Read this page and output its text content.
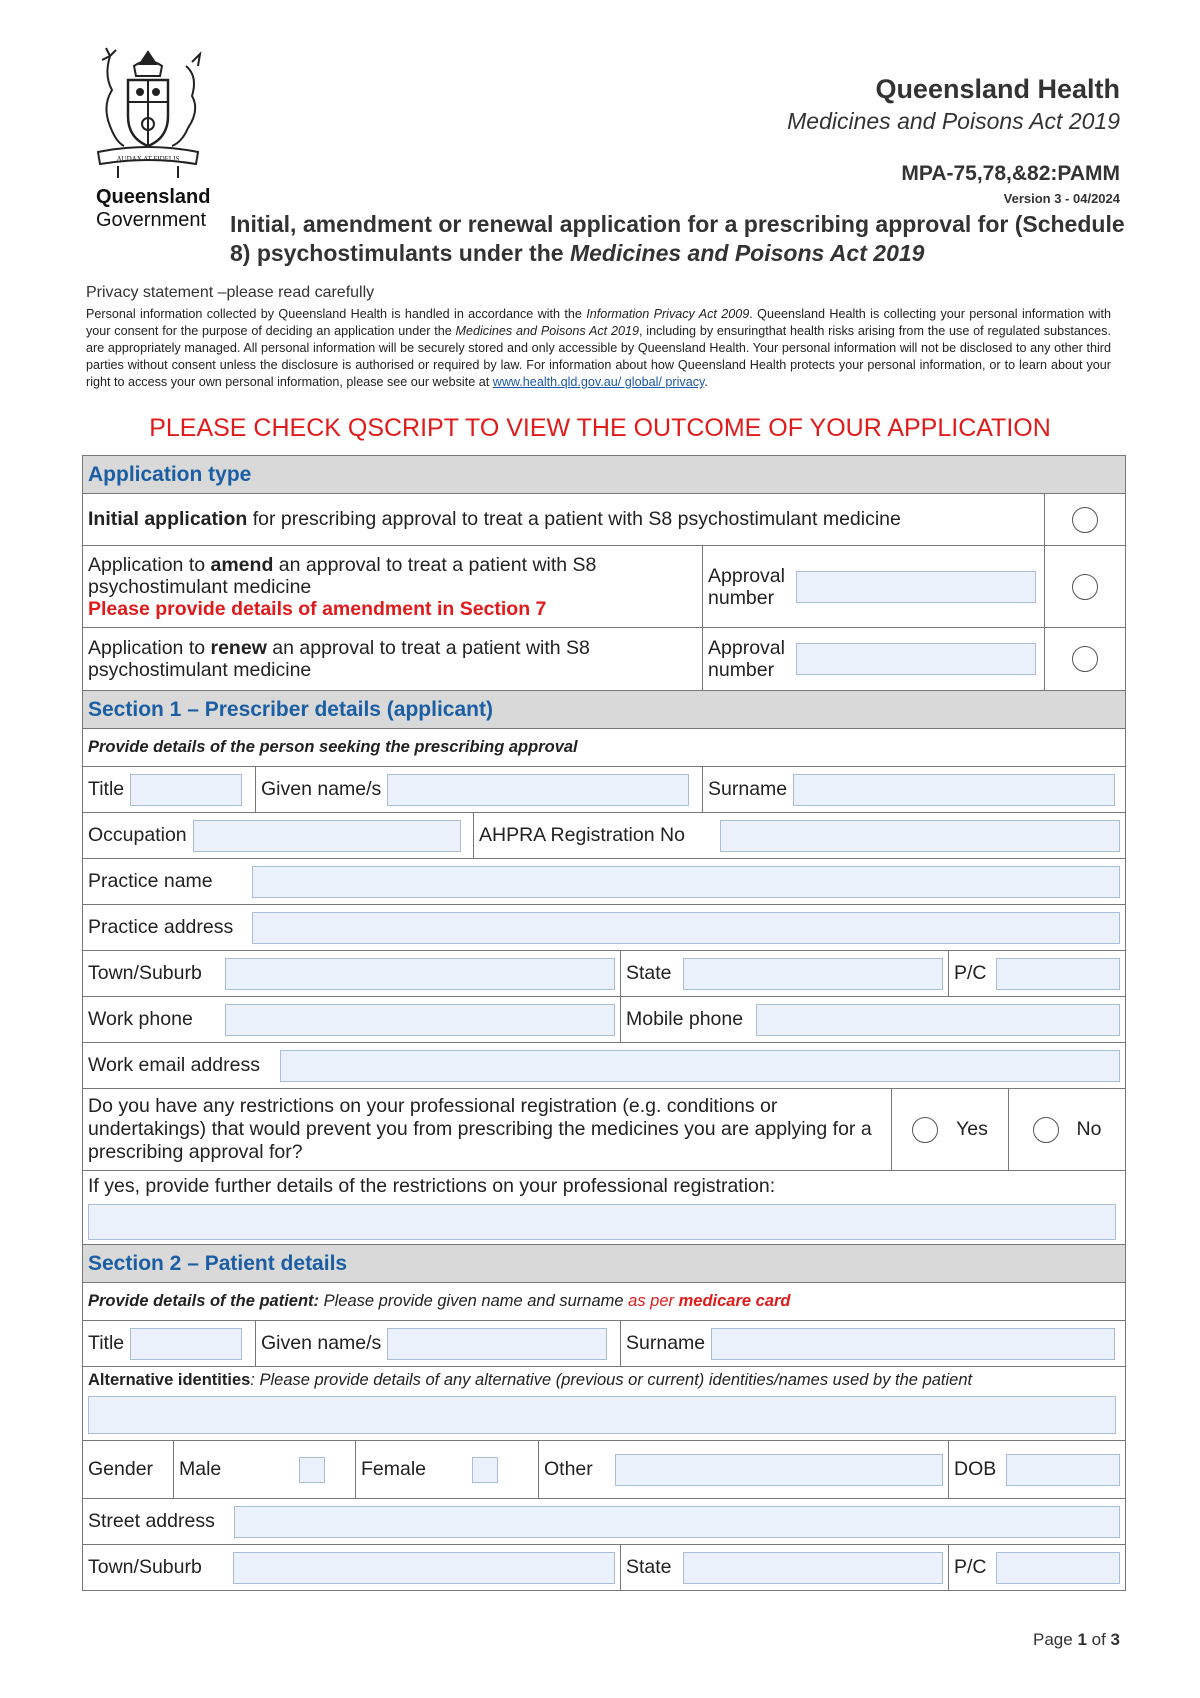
AUDAX AT FIDELIS
Queensland
Government
Queensland Health
Medicines and Poisons Act 2019
MPA-75,78,&82:PAMM
Version 3 - 04/2024
Initial, amendment or renewal application for a prescribing approval for (Schedule 8) psychostimulants under the Medicines and Poisons Act 2019
Privacy statement –please read carefully
Personal information collected by Queensland Health is handled in accordance with the Information Privacy Act 2009. Queensland Health is collecting your personal information with your consent for the purpose of deciding an application under the Medicines and Poisons Act 2019, including by ensuringthat health risks arising from the use of regulated substances. are appropriately managed. All personal information will be securely stored and only accessible by Queensland Health. Your personal information will not be disclosed to any other third parties without consent unless the disclosure is authorised or required by law. For information about how Queensland Health protects your personal information, or to learn about your right to access your own personal information, please see our website at www.health.qld.gov.au/ global/ privacy.
PLEASE CHECK QSCRIPT TO VIEW THE OUTCOME OF YOUR APPLICATION
Application type
Initial application for prescribing approval to treat a patient with S8 psychostimulant medicine
Application to amend an approval to treat a patient with S8 psychostimulant medicine
Please provide details of amendment in Section 7
Approval number
Application to renew an approval to treat a patient with S8 psychostimulant medicine
Approval number
Section 1 – Prescriber details (applicant)
Provide details of the person seeking the prescribing approval
Title	Given name/s	Surname
Occupation	AHPRA Registration No
Practice name
Practice address
Town/Suburb	State	P/C
Work phone	Mobile phone
Work email address
Do you have any restrictions on your professional registration (e.g. conditions or undertakings) that would prevent you from prescribing the medicines you are applying for a prescribing approval for?
Yes	No
If yes, provide further details of the restrictions on your professional registration:
Section 2 – Patient details
Provide details of the patient: Please provide given name and surname as per medicare card
Title	Given name/s	Surname
Alternative identities: Please provide details of any alternative (previous or current) identities/names used by the patient
Gender	Male	Female	Other	DOB
Street address
Town/Suburb	State	P/C
Page 1 of 3
